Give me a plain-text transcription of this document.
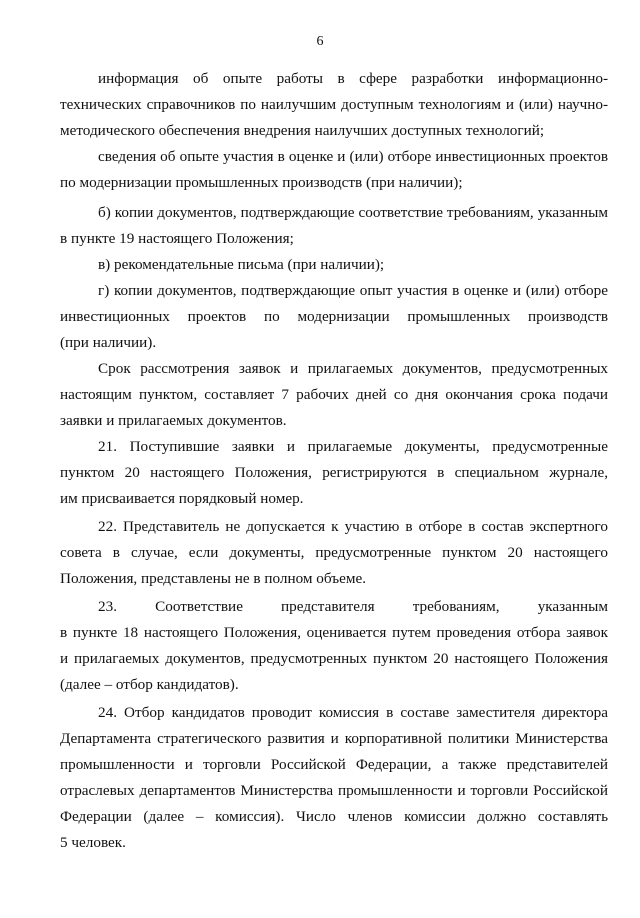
6
информация об опыте работы в сфере разработки информационно-
технических справочников по наилучшим доступным технологиям и (или) научно-
методического обеспечения внедрения наилучших доступных технологий;
сведения об опыте участия в оценке и (или) отборе инвестиционных проектов
по модернизации промышленных производств (при наличии);
б) копии документов, подтверждающие соответствие требованиям, указанным
в пункте 19 настоящего Положения;
в) рекомендательные письма (при наличии);
г) копии документов, подтверждающие опыт участия в оценке и (или) отборе
инвестиционных проектов по модернизации промышленных производств
(при наличии).
Срок рассмотрения заявок и прилагаемых документов, предусмотренных
настоящим пунктом, составляет 7 рабочих дней со дня окончания срока подачи
заявки и прилагаемых документов.
21. Поступившие заявки и прилагаемые документы, предусмотренные
пунктом 20 настоящего Положения, регистрируются в специальном журнале,
им присваивается порядковый номер.
22. Представитель не допускается к участию в отборе в состав экспертного
совета в случае, если документы, предусмотренные пунктом 20 настоящего
Положения, представлены не в полном объеме.
23. Соответствие представителя требованиям, указанным
в пункте 18 настоящего Положения, оценивается путем проведения отбора заявок
и прилагаемых документов, предусмотренных пунктом 20 настоящего Положения
(далее – отбор кандидатов).
24. Отбор кандидатов проводит комиссия в составе заместителя директора
Департамента стратегического развития и корпоративной политики Министерства
промышленности и торговли Российской Федерации, а также представителей
отраслевых департаментов Министерства промышленности и торговли Российской
Федерации (далее – комиссия). Число членов комиссии должно составлять
5 человек.
